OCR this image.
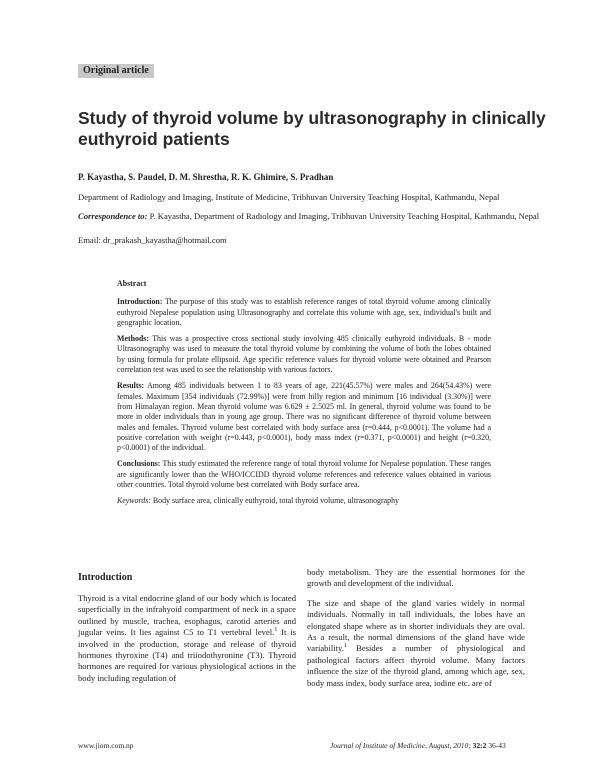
Original article
Study of thyroid volume by ultrasonography in clinically euthyroid patients
P. Kayastha, S. Paudel, D. M. Shrestha, R. K. Ghimire, S. Pradhan
Department of Radiology and Imaging, Institute of Medicine, Tribhuvan University Teaching Hospital, Kathmandu, Nepal
Correspondence to: P. Kayastha, Department of Radiology and Imaging, Tribhuvan University Teaching Hospital, Kathmandu, Nepal
Email: dr_prakash_kayastha@hotmail.com

Abstract

Introduction: The purpose of this study was to establish reference ranges of total thyroid volume among clinically euthyroid Nepalese population using Ultrasonography and correlate this volume with age, sex, individual's built and geographic location.

Methods: This was a prospective cross sectional study involving 485 clinically euthyroid individuals. B - mode Ultrasonography was used to measure the total thyroid volume by combining the volume of both the lobes obtained by using formula for prolate ellipsoid. Age specific reference values for thyroid volume were obtained and Pearson correlation test was used to see the relationship with various factors.

Results: Among 485 individuals between 1 to 83 years of age, 221(45.57%) were males and 264(54.43%) were females. Maximum [354 individuals (72.99%)] were from hilly region and minimum [16 individual (3.30%)] were from Himalayan region. Mean thyroid volume was 6.629 ± 2.5025 ml. In general, thyroid volume was found to be more in older individuals than in young age group. There was no significant difference of thyroid volume between males and females. Thyroid volume best correlated with body surface area (r=0.444, p<0.0001). The volume had a positive correlation with weight (r=0.443, p<0.0001), body mass index (r=0.371, p<0.0001) and height (r=0.320, p<0.0001) of the individual.

Conclusions: This study estimated the reference range of total thyroid volume for Nepalese population. These ranges are significantly lower than the WHO/ICCIDD thyroid volume references and reference values obtained in various other countries. Total thyroid volume best correlated with Body surface area.

Keywords: Body surface area, clinically euthyroid, total thyroid volume, ultrasonography

Introduction

Thyroid is a vital endocrine gland of our body which is located superficially in the infrahyoid compartment of neck in a space outlined by muscle, trachea, esophagus, carotid arteries and jugular veins. It lies against C5 to T1 vertebral level.$^1$ It is involved in the production, storage and release of thyroid hormones thyroxine (T4) and triiodothyronine (T3). Thyroid hormones are required for various physiological actions in the body including regulation of

body metabolism. They are the essential hormones for the growth and development of the individual.

The size and shape of the gland varies widely in normal individuals. Normally in tall individuals, the lobes have an elongated shape where as in shorter individuals they are oval. As a result, the normal dimensions of the gland have wide variability.$^1$ Besides a number of physiological and pathological factors affect thyroid volume. Many factors influence the size of the thyroid gland, among which age, sex, body mass index, body surface area, iodine etc. are of

www.jiom.com.np	Journal of Institute of Medicine, August, 2010; 32:2 36-43
